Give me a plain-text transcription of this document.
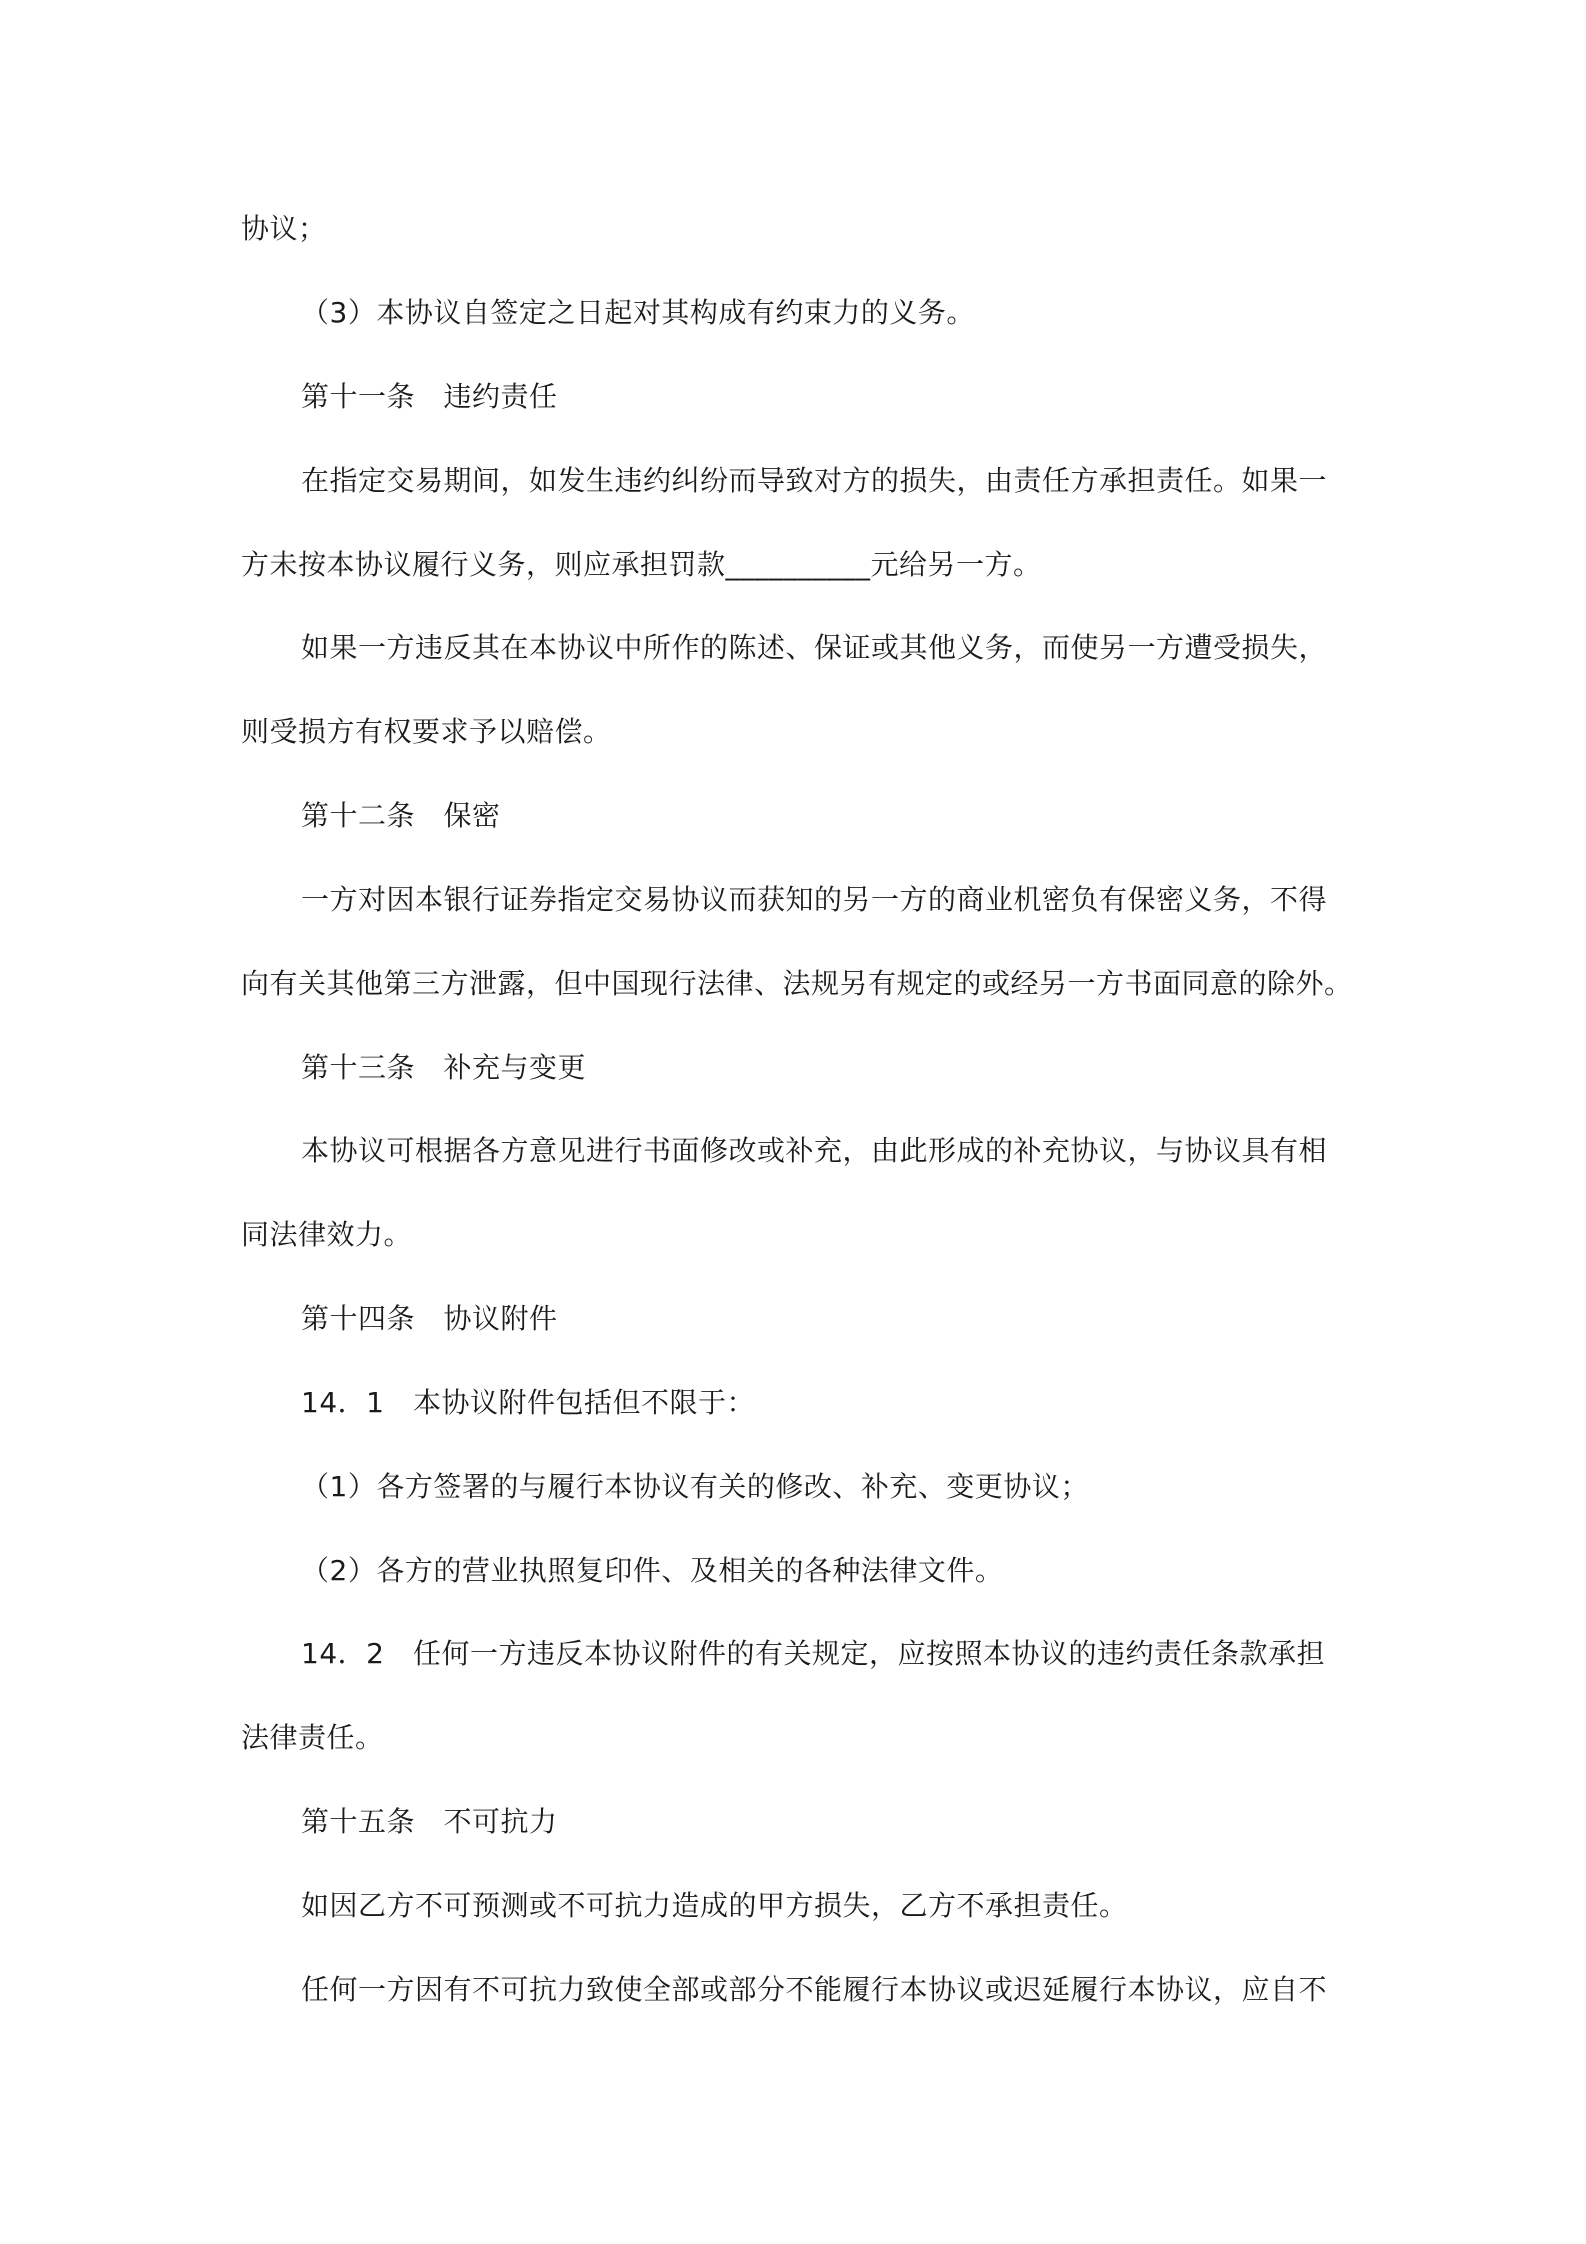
协议；
（3）本协议自签定之日起对其构成有约束力的义务。
第十一条　违约责任
在指定交易期间，如发生违约纠纷而导致对方的损失，由责任方承担责任。如果一
方未按本协议履行义务，则应承担罚款__________元给另一方。
如果一方违反其在本协议中所作的陈述、保证或其他义务，而使另一方遭受损失，
则受损方有权要求予以赔偿。
第十二条　保密
一方对因本银行证券指定交易协议而获知的另一方的商业机密负有保密义务，不得
向有关其他第三方泄露，但中国现行法律、法规另有规定的或经另一方书面同意的除外。
第十三条　补充与变更
本协议可根据各方意见进行书面修改或补充，由此形成的补充协议，与协议具有相
同法律效力。
第十四条　协议附件
14．1　本协议附件包括但不限于：
（1）各方签署的与履行本协议有关的修改、补充、变更协议；
（2）各方的营业执照复印件、及相关的各种法律文件。
14．2　任何一方违反本协议附件的有关规定，应按照本协议的违约责任条款承担
法律责任。
第十五条　不可抗力
如因乙方不可预测或不可抗力造成的甲方损失，乙方不承担责任。
任何一方因有不可抗力致使全部或部分不能履行本协议或迟延履行本协议，应自不
